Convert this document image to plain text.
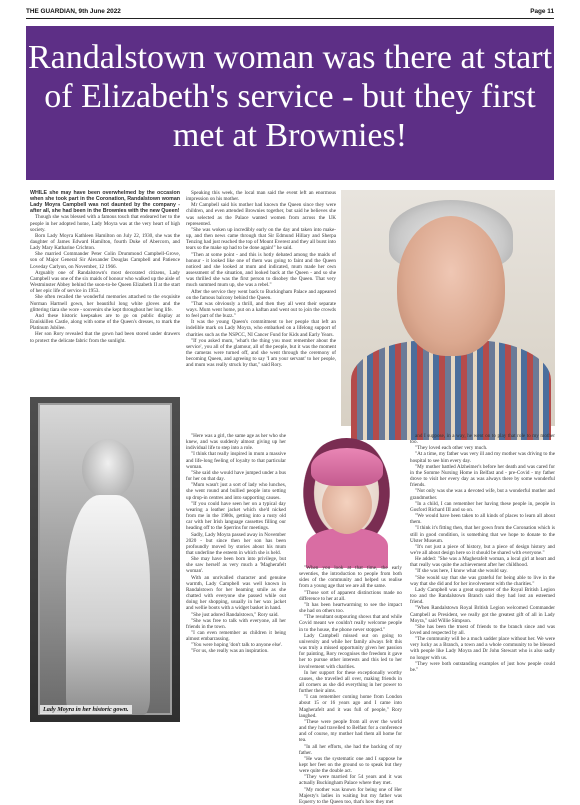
THE GUARDIAN, 9th June 2022	Page 11
Randalstown woman was there at start of Elizabeth's service - but they first met at Brownies!

WHILE she may have been overwhelmed by the occasion when she took part in the Coronation, Randalstown woman Lady Moyra Campbell was not daunted by the company - after all, she had been in the Brownies with the new Queen!

Though she was blessed with a famous touch that endeared her to the people in her adopted home, Lady Moyra was at the very heart of high society.

Born Lady Moyra Kathleen Hamilton on July 22, 1930, she was the daughter of James Edward Hamilton, fourth Duke of Abercorn, and Lady Mary Katharine Crichton.

She married Commander Peter Colin Drummond Campbell-Grove, son of Major General Sir Alexander Douglas Campbell and Patience Loveday Carlyon, on November, 12 1966.

Arguably one of Randalstown's most decorated citizens, Lady Campbell was one of the six maids of honour who walked up the aisle of Westminster Abbey behind the soon-to-be Queen Elizabeth II at the start of her epic life of service in 1953.

She often recalled the wonderful memories attached to the exquisite Norman Hartnell gown, her beautiful long white gloves and the glittering tiara she wore - souvenirs she kept throughout her long life.

And these historic keepsakes are to go on public display at Enniskillen Castle, along with some of the Queen's dresses, to mark the Platinum Jubilee.

Her son Rory revealed that the gown had been stored under drawers to protect the delicate fabric from the sunlight.

Lady Moyra in her historic gown.

Speaking this week, the local man said the event left an enormous impression on his mother.

Mr Campbell said his mother had known the Queen since they were children, and even attended Brownies together, but said he believes she was selected as the Palace wanted women from across the UK represented.

"She was woken up incredibly early on the day and taken into make-up, and then news came through that Sir Edmund Hillary and Sherpa Tenzing had just reached the top of Mount Everest and they all burst into tears so the make up had to be done again!" he said.

"Then at some point - and this is hotly debated among the maids of honour - it looked like one of them was going to faint and the Queen noticed and she looked at mum and indicated, mum made her own assessment of the situation, and looked back at the Queen - and so she was thrilled she was the first person to disobey the Queen. That very much summed mum up, she was a rebel."

After the service they went back to Buckingham Palace and appeared on the famous balcony behind the Queen.

"That was obviously a thrill, and then they all went their separate ways. Mum went home, put on a kaftan and went out to join the crowds to feel part of the buzz."

It was the young Queen's commitment to her people that left an indelible mark on Lady Moyra, who embarked on a lifelong support of charities such as the NSPCC, NI Cancer Fund for Kids and Early Years.

"If you asked mum, 'what's the thing you most remember about the service', you all of the glamour, all of the people, but it was the moment the cameras were turned off, and she went through the ceremony of becoming Queen, and agreeing to say 'I am your servant' to her people, and mum was really struck by that," said Rory.

"Here was a girl, the same age as her who she knew, and was suddenly almost giving up her individual life to step into a role.

"I think that really inspired in mum a massive and life-long feeling of loyalty to that particular woman.

"She said she would have jumped under a bus for her on that day.

"Mum wasn't just a sort of lady who lunches, she went round and bullied people into setting up drop-in centres and into supporting causes.

"If you could have seen her on a typical day wearing a leather jacket which she'd nicked from me in the 1980s, getting into a rusty old car with her Irish language cassettes filling our heading off to the Sperrins for meetings.

Sadly, Lady Moyra passed away in November 2020 - but since then her son has been profoundly moved by stories about his mum that underline the esteem in which she is held.

She may have been born into privilege, but she saw herself as very much a 'Magherafelt woman'.

With an unrivalled character and genuine warmth, Lady Campbell was well known in Randalstown for her beaming smile as she chatted with everyone she passed while out doing her shopping, usually in her wax jacket and wellie boots with a widget basket in hand.

"She just adored Randalstown," Rory said.

"She was free to talk with everyone, all her friends in the town.

"I can even remember as children it being almost embarrassing.

"You were hoping 'don't talk to anyone else'.

"For us, she really was an inspiration.

"When you look at that time, the early seventies, the introduction to people from both sides of the community and helped us realise from a young age that we are all the same.

"Those sort of apparent distinctions made no difference to her at all.

"It has been heartwarming to see the impact she had on others too.

"The resultant outpouring shows that and while Covid meant we couldn't really welcome people in to the house, the phone never stopped."

Lady Campbell missed out on going to university and while her family always felt this was truly a missed opportunity given her passion for painting, Rory recognises the freedom it gave her to pursue other interests and this led to her involvement with charities.

In her support for these exceptionally worthy causes, she travelled all over, making friends in all corners as she did everything in her power to further their aims.

"I can remember coming home from London about 15 or 16 years ago and I came into Magherafelt and it was full of people," Rory laughed.

"These were people from all over the world and they had travelled to Belfast for a conference and of course, my mother had them all home for tea.

"In all her efforts, she had the backing of my father.

"He was the systematic one and I suppose he kept her feet on the ground so to speak but they were quite the double act.

"They were married for 54 years and it was actually Buckingham Palace where they met.

"My mother was known for being one of Her Majesty's ladies in waiting but my father was Equerry to the Queen too, that's how they met

and I suppose, in a way, he went on to play that role to my mother too.

"They loved each other very much.

"At a time, my father was very ill and my mother was driving to the hospital to see him every day.

"My mother battled Alzheimer's before her death and was cared for in the Somme Nursing Home in Belfast and - pre-Covid - my father drove to visit her every day as was always there by some wonderful friends.

"Not only was she was a devoted wife, but a wonderful mother and grandmother.

"In a child, I can remember her having these people in, people in Gosford Richard III and so on.

"We would have been taken to all kinds of places to learn all about them.

"I think it's fitting then, that her gown from the Coronation which is still in good condition, is something that we hope to donate to the Ulster Museum.

"It's not just a piece of history, but a piece of design history and we're all about design here so it should be shared with everyone."

He added: "She was a Magherafelt woman, a local girl at heart and that really was quite the achievement after her childhood.

"If she was here, I know what she would say.

"She would say that she was grateful for being able to live in the way that she did and for her involvement with the charities."

Lady Campbell was a great supporter of the Royal British Legion too and the Randalstown Branch said they had lost an esteemed friend.

"When Randalstown Royal British Legion welcomed Commander Campbell as President, we really got the greatest gift of all in Lady Moyra," said Willie Simpson.

"She has been the truest of friends to the branch since and was loved and respected by all.

"The community will be a much sadder place without her. We were very lucky as a Branch, a town and a whole community to be blessed with people like Lady Moyra and Dr John Stewart who is also sadly no longer with us.

"They were both outstanding examples of just how people could be."
